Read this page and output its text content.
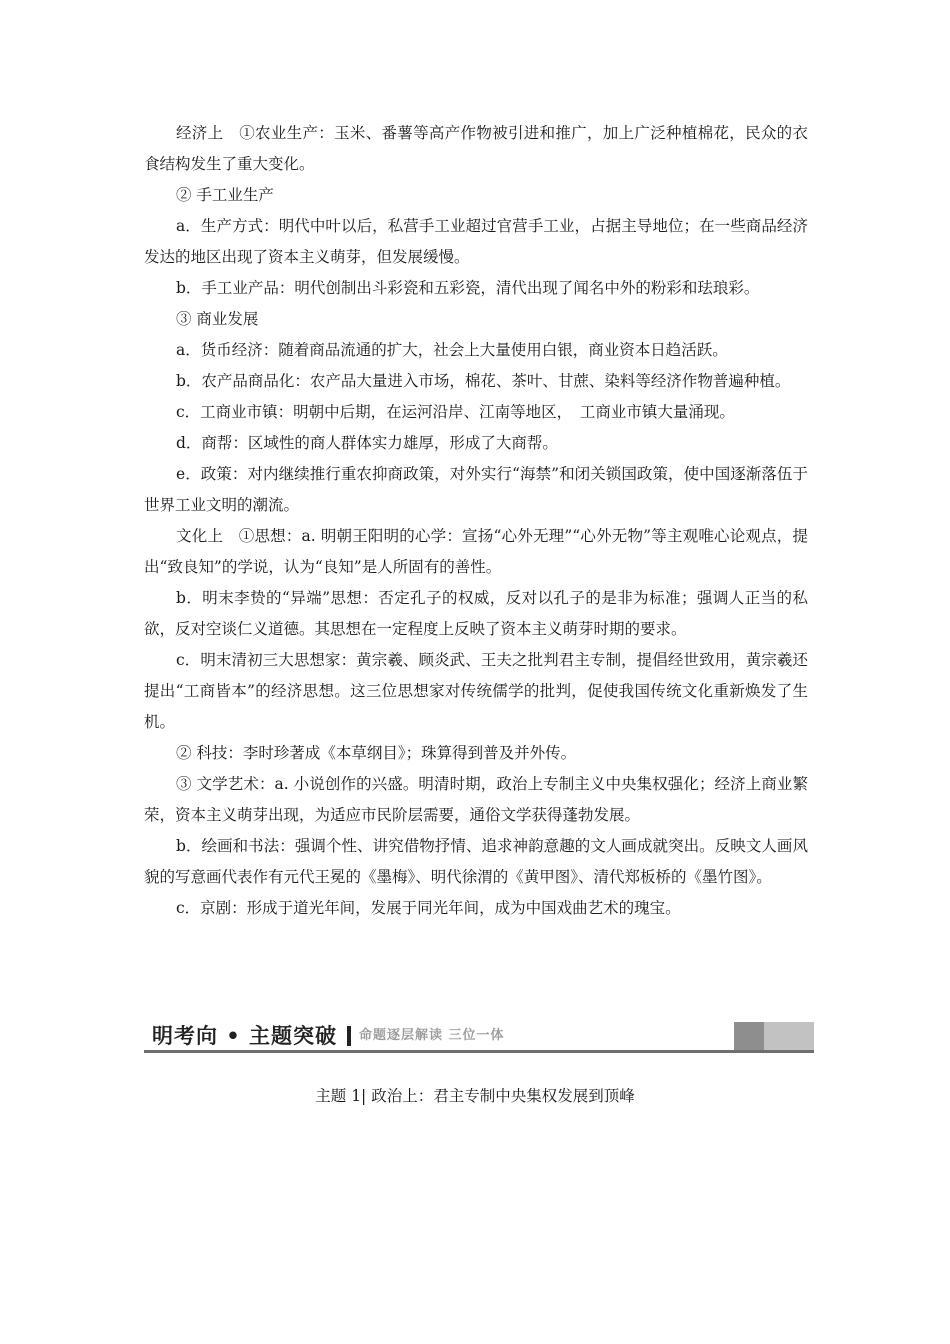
经济上　①农业生产：玉米、番薯等高产作物被引进和推广，加上广泛种植棉花，民众的衣食结构发生了重大变化。

② 手工业生产

a．生产方式：明代中叶以后，私营手工业超过官营手工业，占据主导地位；在一些商品经济发达的地区出现了资本主义萌芽，但发展缓慢。

b．手工业产品：明代创制出斗彩瓷和五彩瓷，清代出现了闻名中外的粉彩和珐琅彩。

③ 商业发展

a．货币经济：随着商品流通的扩大，社会上大量使用白银，商业资本日趋活跃。

b．农产品商品化：农产品大量进入市场，棉花、茶叶、甘蔗、染料等经济作物普遍种植。

c．工商业市镇：明朝中后期，在运河沿岸、江南等地区，　工商业市镇大量涌现。

d．商帮：区域性的商人群体实力雄厚，形成了大商帮。

e．政策：对内继续推行重农抑商政策，对外实行“海禁”和闭关锁国政策，使中国逐渐落伍于世界工业文明的潮流。

文化上　①思想：a. 明朝王阳明的心学：宣扬“心外无理”“心外无物”等主观唯心论观点，提出“致良知”的学说，认为“良知”是人所固有的善性。

b．明末李贽的“异端”思想：否定孔子的权威，反对以孔子的是非为标准；强调人正当的私欲，反对空谈仁义道德。其思想在一定程度上反映了资本主义萌芽时期的要求。

c．明末清初三大思想家：黄宗羲、顾炎武、王夫之批判君主专制，提倡经世致用，黄宗羲还提出“工商皆本”的经济思想。这三位思想家对传统儒学的批判，促使我国传统文化重新焕发了生机。

② 科技：李时珍著成《本草纲目》；珠算得到普及并外传。

③ 文学艺术：a. 小说创作的兴盛。明清时期，政治上专制主义中央集权强化；经济上商业繁荣，资本主义萌芽出现，为适应市民阶层需要，通俗文学获得蓬勃发展。

b．绘画和书法：强调个性、讲究借物抒情、追求神韵意趣的文人画成就突出。反映文人画风貌的写意画代表作有元代王冕的《墨梅》、明代徐渭的《黄甲图》、清代郑板桥的《墨竹图》。

c．京剧：形成于道光年间，发展于同光年间，成为中国戏曲艺术的瑰宝。

明考向 • 主题突破 命题逐层解读 三位一体
主题 1| 政治上：君主专制中央集权发展到顶峰
